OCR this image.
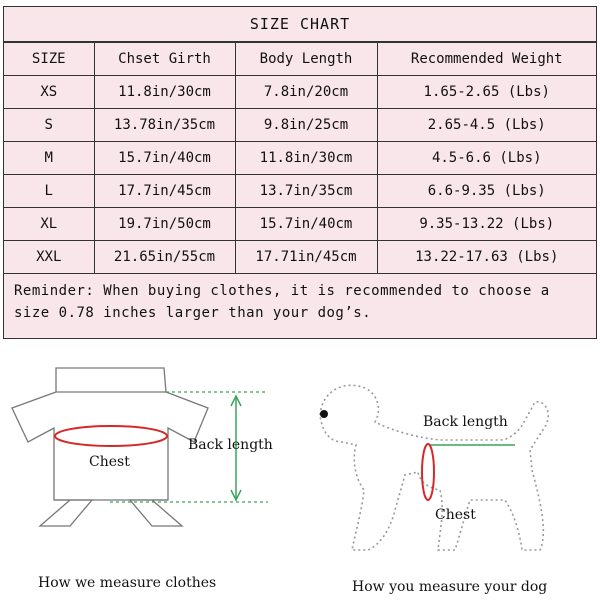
SIZE CHART
SIZE	Chset Girth	Body Length	Recommended Weight
XS	11.8in/30cm	7.8in/20cm	1.65-2.65 (Lbs)
S	13.78in/35cm	9.8in/25cm	2.65-4.5 (Lbs)
M	15.7in/40cm	11.8in/30cm	4.5-6.6 (Lbs)
L	17.7in/45cm	13.7in/35cm	6.6-9.35 (Lbs)
XL	19.7in/50cm	15.7in/40cm	9.35-13.22 (Lbs)
XXL	21.65in/55cm	17.71in/45cm	13.22-17.63 (Lbs)
Reminder: When buying clothes, it is recommended to choose a size 0.78 inches larger than your dog’s.
Chest
Back length
How we measure clothes
Back length
Chest
How you measure your dog
